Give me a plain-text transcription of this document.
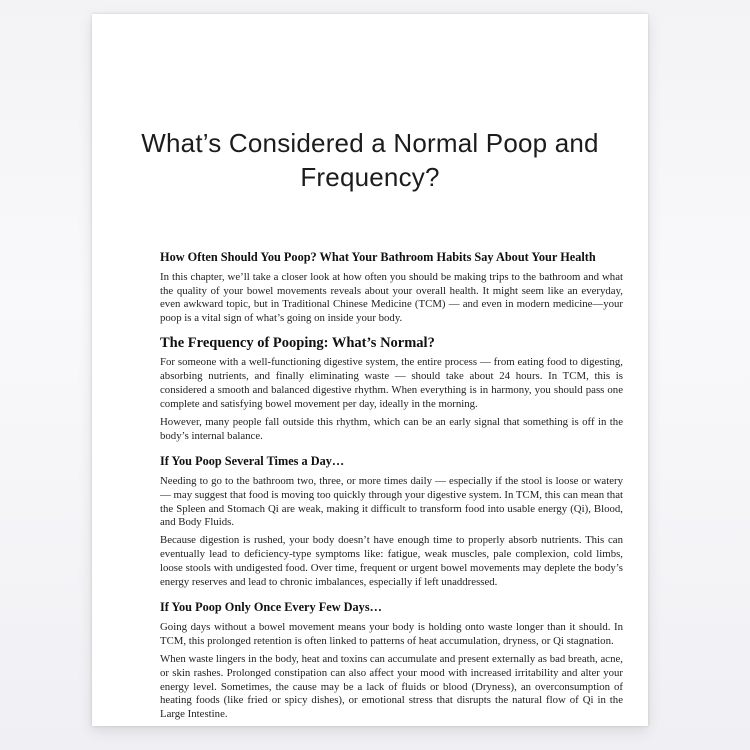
What’s Considered a Normal Poop and Frequency?
How Often Should You Poop? What Your Bathroom Habits Say About Your Health

In this chapter, we’ll take a closer look at how often you should be making trips to the bathroom and what the quality of your bowel movements reveals about your overall health. It might seem like an everyday, even awkward topic, but in Traditional Chinese Medicine (TCM) — and even in modern medicine—your poop is a vital sign of what’s going on inside your body.

The Frequency of Pooping: What’s Normal?

For someone with a well-functioning digestive system, the entire process — from eating food to digesting, absorbing nutrients, and finally eliminating waste — should take about 24 hours. In TCM, this is considered a smooth and balanced digestive rhythm. When everything is in harmony, you should pass one complete and satisfying bowel movement per day, ideally in the morning.

However, many people fall outside this rhythm, which can be an early signal that something is off in the body’s internal balance.

If You Poop Several Times a Day…

Needing to go to the bathroom two, three, or more times daily — especially if the stool is loose or watery — may suggest that food is moving too quickly through your digestive system. In TCM, this can mean that the Spleen and Stomach Qi are weak, making it difficult to transform food into usable energy (Qi), Blood, and Body Fluids.

Because digestion is rushed, your body doesn’t have enough time to properly absorb nutrients. This can eventually lead to deficiency-type symptoms like: fatigue, weak muscles, pale complexion, cold limbs, loose stools with undigested food. Over time, frequent or urgent bowel movements may deplete the body’s energy reserves and lead to chronic imbalances, especially if left unaddressed.

If You Poop Only Once Every Few Days…

Going days without a bowel movement means your body is holding onto waste longer than it should. In TCM, this prolonged retention is often linked to patterns of heat accumulation, dryness, or Qi stagnation.

When waste lingers in the body, heat and toxins can accumulate and present externally as bad breath, acne, or skin rashes. Prolonged constipation can also affect your mood with increased irritability and alter your energy level. Sometimes, the cause may be a lack of fluids or blood (Dryness), an overconsumption of heating foods (like fried or spicy dishes), or emotional stress that disrupts the natural flow of Qi in the Large Intestine.
